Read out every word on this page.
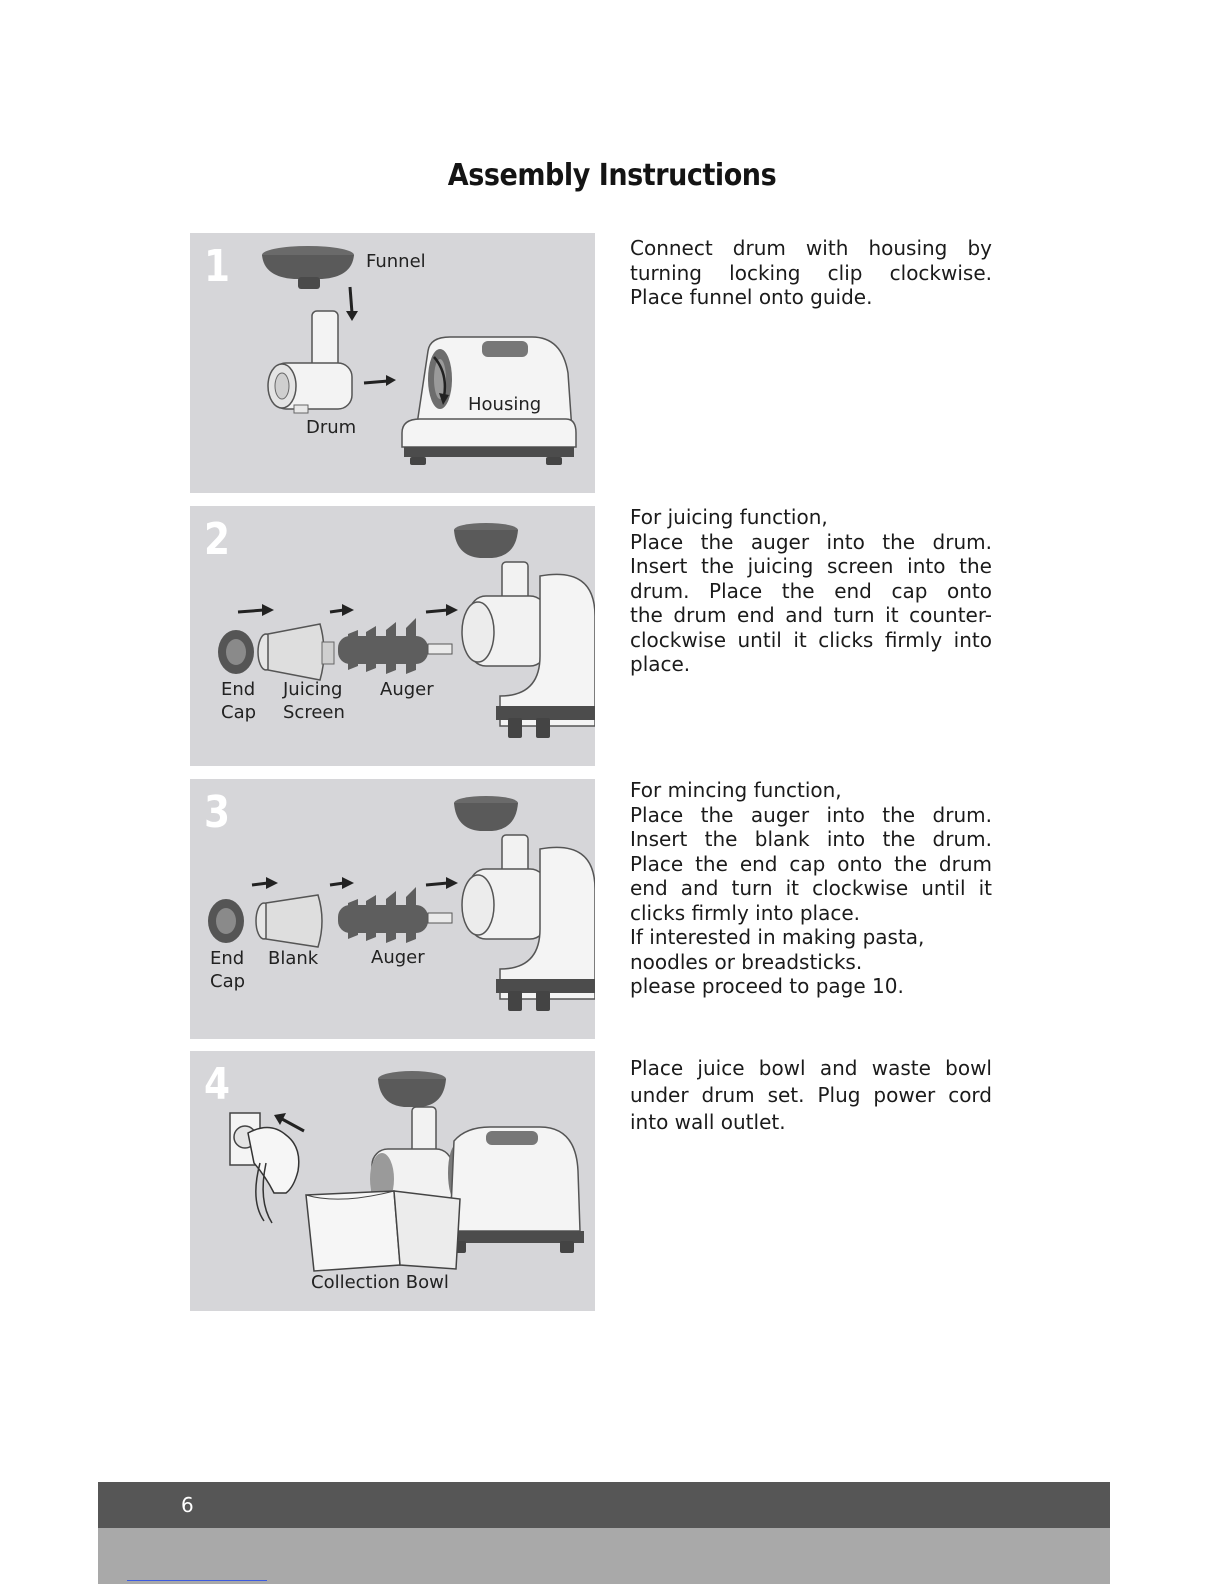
Assembly Instructions
1	Funnel
Drum
Housing
Connect drum with housing by
turning locking clip clockwise.
Place funnel onto guide.
2
End
Cap
Juicing
Screen
Auger
For juicing function,
Place the auger into the drum.
Insert the juicing screen into the
drum. Place the end cap onto
the drum end and turn it counter-
clockwise until it clicks firmly into
place.
3
End
Cap
Blank	Auger
For mincing function,
Place the auger into the drum.
Insert the blank into the drum.
Place the end cap onto the drum
end and turn it clockwise until it
clicks firmly into place.
If interested in making pasta,
noodles or breadsticks.
please proceed to page 10.
4
Collection Bowl
Place juice bowl and waste bowl
under drum set. Plug power cord
into wall outlet.
6
